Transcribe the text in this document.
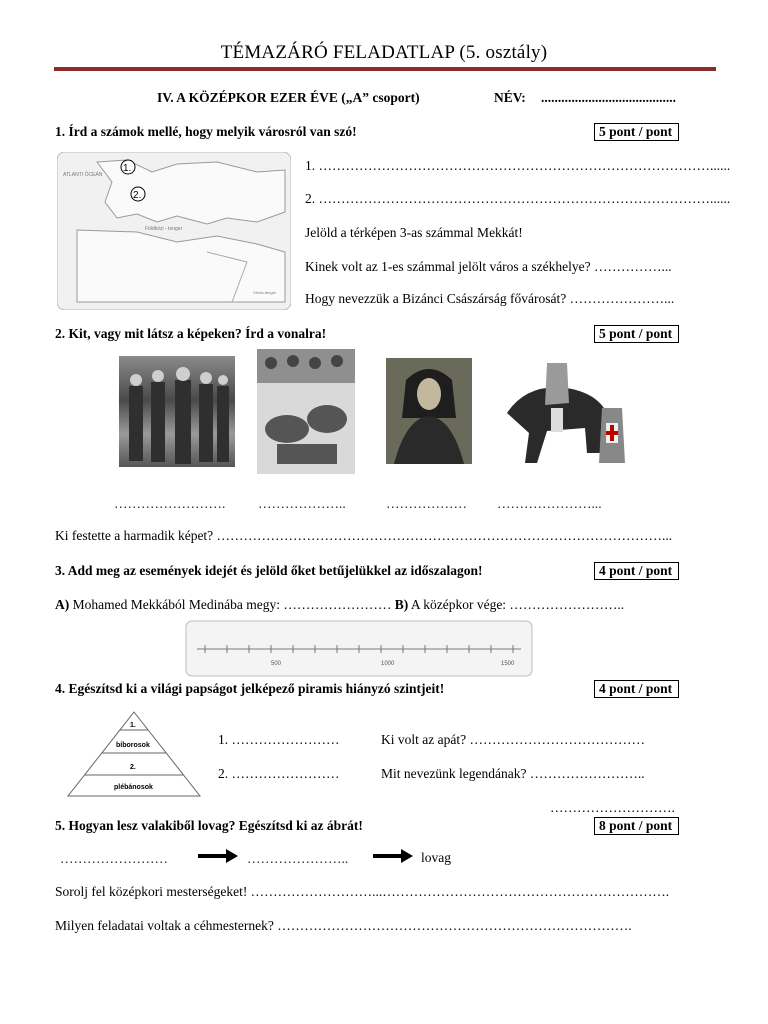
TÉMAZÁRÓ FELADATLAP (5. osztály)
IV. A KÖZÉPKOR EZER ÉVE („A” csoport)	NÉV: ........................................
1. Írd a számok mellé, hogy melyik városról van szó!	5 pont / pont
ATLANTI ÓCEÁN
Földközi - tenger
Vörös-tenger
1.
2.
1. ……………………………………………………………………………......
2. ……………………………………………………………………………......
Jelöld a térképen 3-as számmal Mekkát!
Kinek volt az 1-es számmal jelölt város a székhelye? ……………...
Hogy nevezzük a Bizánci Császárság fővárosát? …………………...
2. Kit, vagy mit látsz a képeken? Írd a vonalra!	5 pont / pont
……………………. ………………..	……………… …………………...
Ki festette a harmadik képet? ………………………………………………………………………………………...
3. Add meg az események idejét és jelöld őket betűjelükkel az időszalagon!	4 pont / pont
A) Mohamed Mekkából Medinába megy: …………………… B) A középkor vége: ……………………..
500	1000	1500
4. Egészítsd ki a világi papságot jelképező piramis hiányzó szintjeit!	4 pont / pont
1.
bíborosok
2.
plébánosok
1. ……………………
2. ……………………
Ki volt az apát? …………………………………
Mit nevezünk legendának? ……………………..
……………………….
5. Hogyan lesz valakiből lovag? Egészítsd ki az ábrát!	8 pont / pont
……………………	…………………..	lovag
Sorolj fel középkori mesterségeket! ………………………...……………………………………………………….
Milyen feladatai voltak a céhmesternek? …………………………………………………………………….
